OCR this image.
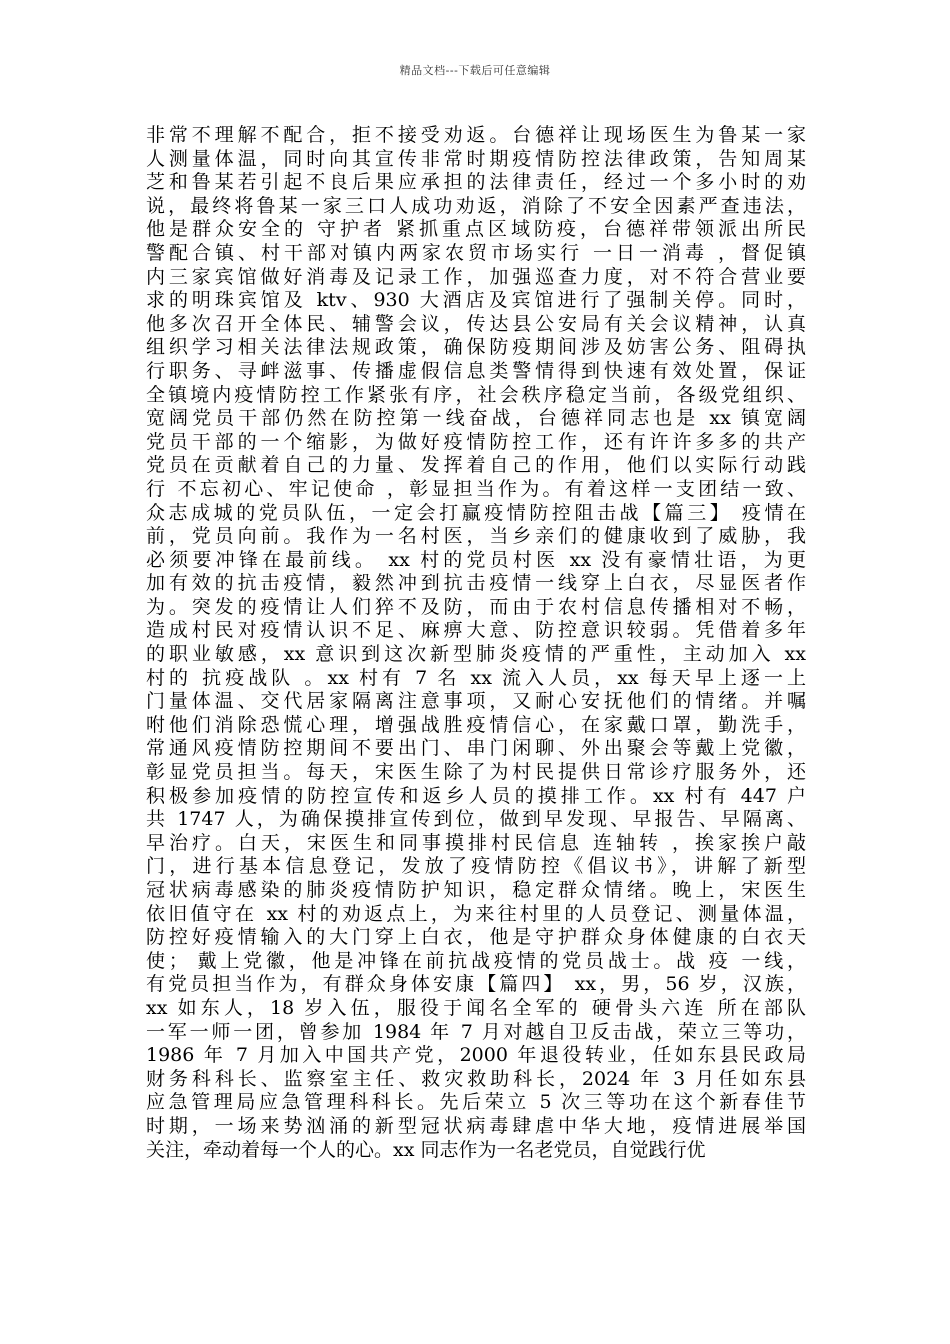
精品文档---下载后可任意编辑
非常不理解不配合，拒不接受劝返。台德祥让现场医生为鲁某一家
人测量体温，同时向其宣传非常时期疫情防控法律政策，告知周某
芝和鲁某若引起不良后果应承担的法律责任，经过一个多小时的劝
说，最终将鲁某一家三口人成功劝返，消除了不安全因素严查违法，
他是群众安全的 守护者 紧抓重点区域防疫，台德祥带领派出所民
警配合镇、村干部对镇内两家农贸市场实行 一日一消毒 ，督促镇
内三家宾馆做好消毒及记录工作，加强巡查力度，对不符合营业要
求的明珠宾馆及 ktv、930 大酒店及宾馆进行了强制关停。同时，
他多次召开全体民、辅警会议，传达县公安局有关会议精神，认真
组织学习相关法律法规政策，确保防疫期间涉及妨害公务、阻碍执
行职务、寻衅滋事、传播虚假信息类警情得到快速有效处置，保证
全镇境内疫情防控工作紧张有序，社会秩序稳定当前，各级党组织、
宽阔党员干部仍然在防控第一线奋战，台德祥同志也是 xx 镇宽阔
党员干部的一个缩影，为做好疫情防控工作，还有许许多多的共产
党员在贡献着自己的力量、发挥着自己的作用，他们以实际行动践
行 不忘初心、牢记使命 ，彰显担当作为。有着这样一支团结一致、
众志成城的党员队伍，一定会打赢疫情防控阻击战【篇三】 疫情在
前，党员向前。我作为一名村医，当乡亲们的健康收到了威胁，我
必须要冲锋在最前线。 xx 村的党员村医 xx 没有豪情壮语，为更
加有效的抗击疫情，毅然冲到抗击疫情一线穿上白衣，尽显医者作
为。突发的疫情让人们猝不及防，而由于农村信息传播相对不畅，
造成村民对疫情认识不足、麻痹大意、防控意识较弱。凭借着多年
的职业敏感，xx 意识到这次新型肺炎疫情的严重性，主动加入 xx
村的 抗疫战队 。xx 村有 7 名 xx 流入人员，xx 每天早上逐一上
门量体温、交代居家隔离注意事项，又耐心安抚他们的情绪。并嘱
咐他们消除恐慌心理，增强战胜疫情信心，在家戴口罩，勤洗手，
常通风疫情防控期间不要出门、串门闲聊、外出聚会等戴上党徽，
彰显党员担当。每天，宋医生除了为村民提供日常诊疗服务外，还
积极参加疫情的防控宣传和返乡人员的摸排工作。xx 村有 447 户
共 1747 人，为确保摸排宣传到位，做到早发现、早报告、早隔离、
早治疗。白天，宋医生和同事摸排村民信息 连轴转 ，挨家挨户敲
门，进行基本信息登记，发放了疫情防控《倡议书》，讲解了新型
冠状病毒感染的肺炎疫情防护知识，稳定群众情绪。晚上，宋医生
依旧值守在 xx 村的劝返点上，为来往村里的人员登记、测量体温，
防控好疫情输入的大门穿上白衣，他是守护群众身体健康的白衣天
使； 戴上党徽，他是冲锋在前抗战疫情的党员战士。战 疫 一线，
有党员担当作为，有群众身体安康【篇四】 xx，男，56 岁，汉族，
xx 如东人，18 岁入伍，服役于闻名全军的 硬骨头六连 所在部队
一军一师一团，曾参加 1984 年 7 月对越自卫反击战，荣立三等功，
1986 年 7 月加入中国共产党，2000 年退役转业，任如东县民政局
财务科科长、监察室主任、救灾救助科长，2024 年 3 月任如东县
应急管理局应急管理科科长。先后荣立 5 次三等功在这个新春佳节
时期，一场来势汹涌的新型冠状病毒肆虐中华大地，疫情进展举国
关注，牵动着每一个人的心。xx 同志作为一名老党员，自觉践行优
